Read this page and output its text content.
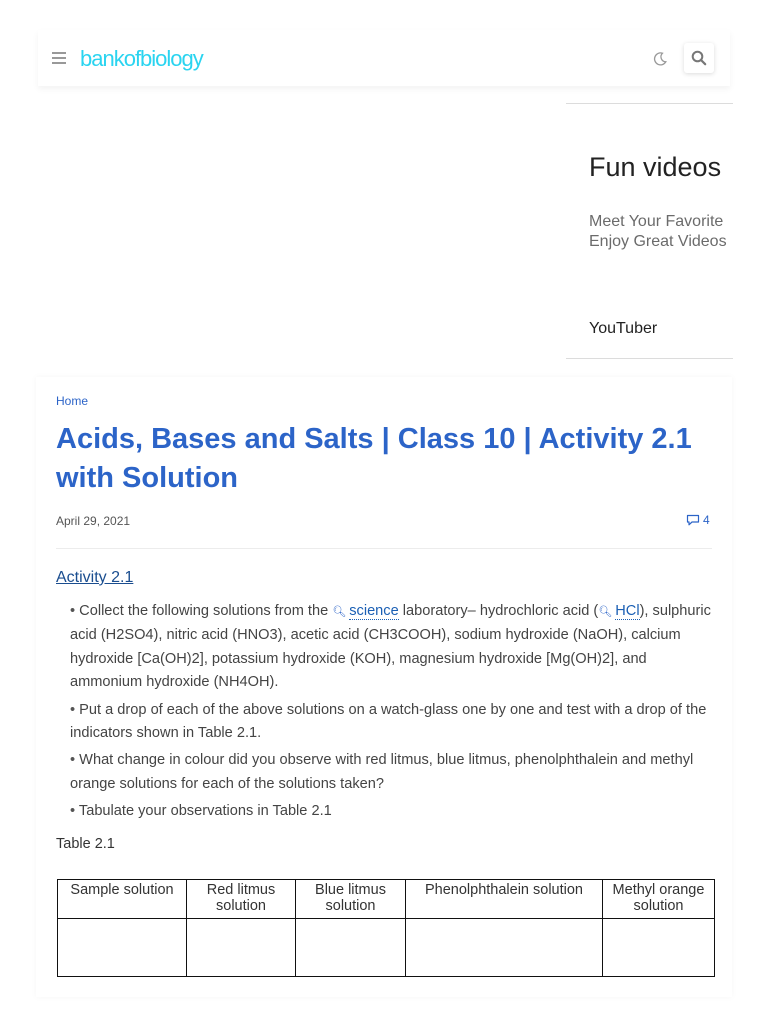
bankofbiology
Fun videos
Meet Your Favorite
Enjoy Great Videos
YouTuber
Home
Acids, Bases and Salts | Class 10 | Activity 2.1 with Solution
April 29, 2021	4
Activity 2.1
• Collect the following solutions from the 🔍︎ science laboratory– hydrochloric acid (🔍︎ HCl), sulphuric acid (H2SO4), nitric acid (HNO3), acetic acid (CH3COOH), sodium hydroxide (NaOH), calcium hydroxide [Ca(OH)2], potassium hydroxide (KOH), magnesium hydroxide [Mg(OH)2], and ammonium hydroxide (NH4OH).
• Put a drop of each of the above solutions on a watch-glass one by one and test with a drop of the indicators shown in Table 2.1.
• What change in colour did you observe with red litmus, blue litmus, phenolphthalein and methyl orange solutions for each of the solutions taken?
• Tabulate your observations in Table 2.1
Table 2.1
Sample solution	Red litmus solution	Blue litmus solution	Phenolphthalein solution	Methyl orange solution
